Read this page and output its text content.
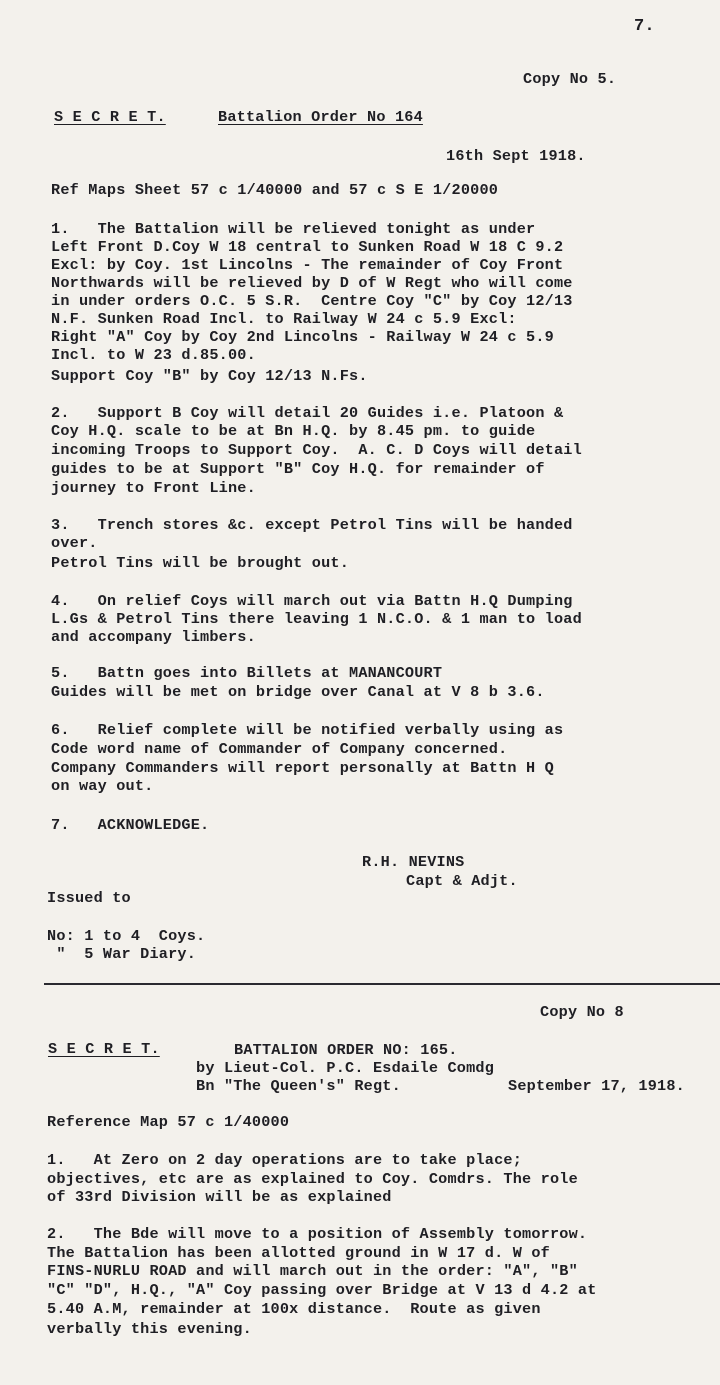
7.
Copy No 5.
S E C R E T.	Battalion Order No 164
16th Sept 1918.
Ref Maps Sheet 57 c 1/40000 and 57 c S E 1/20000
1.   The Battalion will be relieved tonight as under
Left Front D.Coy W 18 central to Sunken Road W 18 C 9.2
Excl: by Coy. 1st Lincolns - The remainder of Coy Front
Northwards will be relieved by D of W Regt who will come
in under orders O.C. 5 S.R.  Centre Coy "C" by Coy 12/13
N.F. Sunken Road Incl. to Railway W 24 c 5.9 Excl:
Right "A" Coy by Coy 2nd Lincolns - Railway W 24 c 5.9
Incl. to W 23 d.85.00.
Support Coy "B" by Coy 12/13 N.Fs.
2.   Support B Coy will detail 20 Guides i.e. Platoon &
Coy H.Q. scale to be at Bn H.Q. by 8.45 pm. to guide
incoming Troops to Support Coy.  A. C. D Coys will detail
guides to be at Support "B" Coy H.Q. for remainder of
journey to Front Line.
3.   Trench stores &c. except Petrol Tins will be handed
over.
Petrol Tins will be brought out.
4.   On relief Coys will march out via Battn H.Q Dumping
L.Gs & Petrol Tins there leaving 1 N.C.O. & 1 man to load
and accompany limbers.
5.   Battn goes into Billets at MANANCOURT
Guides will be met on bridge over Canal at V 8 b 3.6.
6.   Relief complete will be notified verbally using as
Code word name of Commander of Company concerned.
Company Commanders will report personally at Battn H Q
on way out.
7.   ACKNOWLEDGE.
R.H. NEVINS
Capt & Adjt.
Issued to
No: 1 to 4  Coys.
"  5 War Diary.
Copy No 8
S E C R E T.	BATTALION ORDER NO: 165.
by Lieut-Col. P.C. Esdaile Comdg
Bn "The Queen's" Regt.	September 17, 1918.
Reference Map 57 c 1/40000
1.   At Zero on 2 day operations are to take place;
objectives, etc are as explained to Coy. Comdrs. The role
of 33rd Division will be as explained
2.   The Bde will move to a position of Assembly tomorrow.
The Battalion has been allotted ground in W 17 d. W of
FINS-NURLU ROAD and will march out in the order: "A", "B"
"C" "D", H.Q., "A" Coy passing over Bridge at V 13 d 4.2 at
5.40 A.M, remainder at 100x distance.  Route as given
verbally this evening.
